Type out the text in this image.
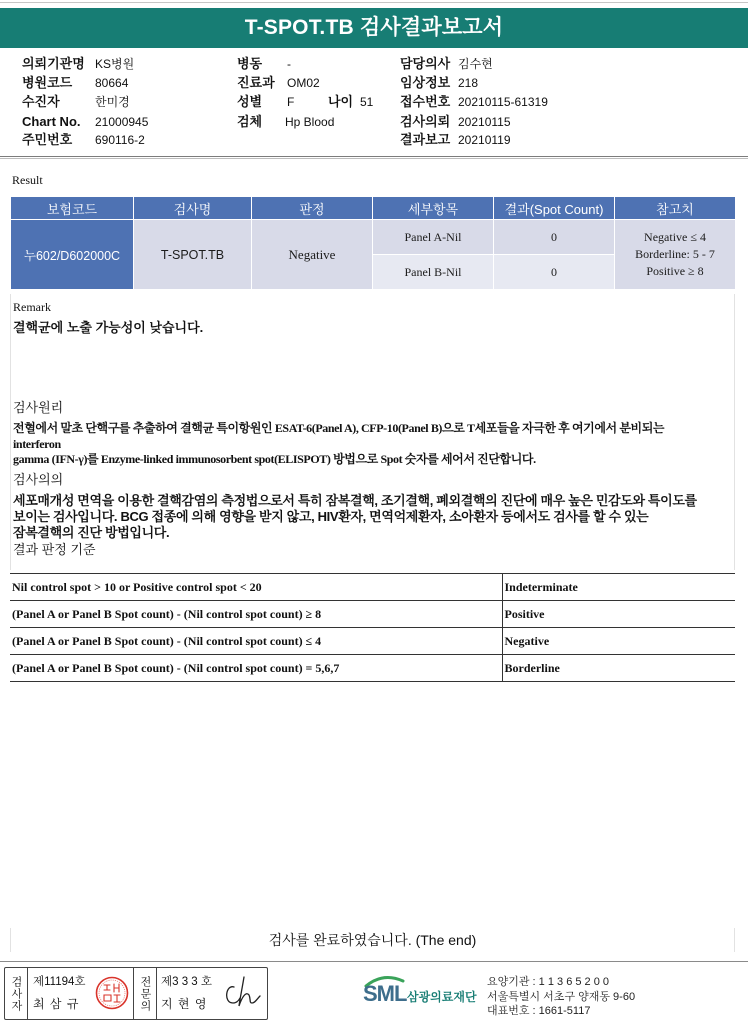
T-SPOT.TB 검사결과보고서
의뢰기관명 KS병원	병동 -	담당의사 김수현
병원코드 80664	진료과 OM02	임상정보 218
수진자	한미경	성별 F	나이 51 접수번호 20210115-61319
Chart No. 21000945	검체 Hp Blood	검사의뢰 20210115
주민번호 690116-2	결과보고 20210119
Result
보험코드	검사명	판정	세부항목	결과(Spot Count)	참고치
누602/D602000C	T-SPOT.TB	Negative	Panel A-Nil	0	Negative ≤ 4
Borderline: 5 - 7
Positive ≥ 8

			Panel B-Nil	0	
Remark
결핵균에 노출 가능성이 낮습니다.
검사원리
전혈에서 말초 단핵구를 추출하여 결핵균 특이항원인 ESAT-6(Panel A), CFP-10(Panel B)으로 T세포들을 자극한 후 여기에서 분비되는
interferon
gamma (IFN-γ)를 Enzyme-linked immunosorbent spot(ELISPOT) 방법으로 Spot 숫자를 세어서 진단합니다.
검사의의
세포매개성 면역을 이용한 결핵감염의 측정법으로서 특히 잠복결핵, 조기결핵, 폐외결핵의 진단에 매우 높은 민감도와 특이도를
보이는 검사입니다. BCG 접종에 의해 영향을 받지 않고, HIV환자, 면역억제환자, 소아환자 등에서도 검사를 할 수 있는
잠복결핵의 진단 방법입니다.
결과 판정 기준
Nil control spot > 10 or Positive control spot < 20	Indeterminate
(Panel A or Panel B Spot count) - (Nil control spot count) ≥ 8	Positive
(Panel A or Panel B Spot count) - (Nil control spot count) ≤ 4	Negative
(Panel A or Panel B Spot count) - (Nil control spot count) = 5,6,7	Borderline
검사를 완료하였습니다. (The end)
검사자 제11194호
최 삼 규	전문의 제3 3 3 호
지 현 영	SML 삼광의료재단
요양기관 : 1 1 3 6 5 2 0 0
서울특별시 서초구 양재동 9-60
대표번호 : 1661-5117
